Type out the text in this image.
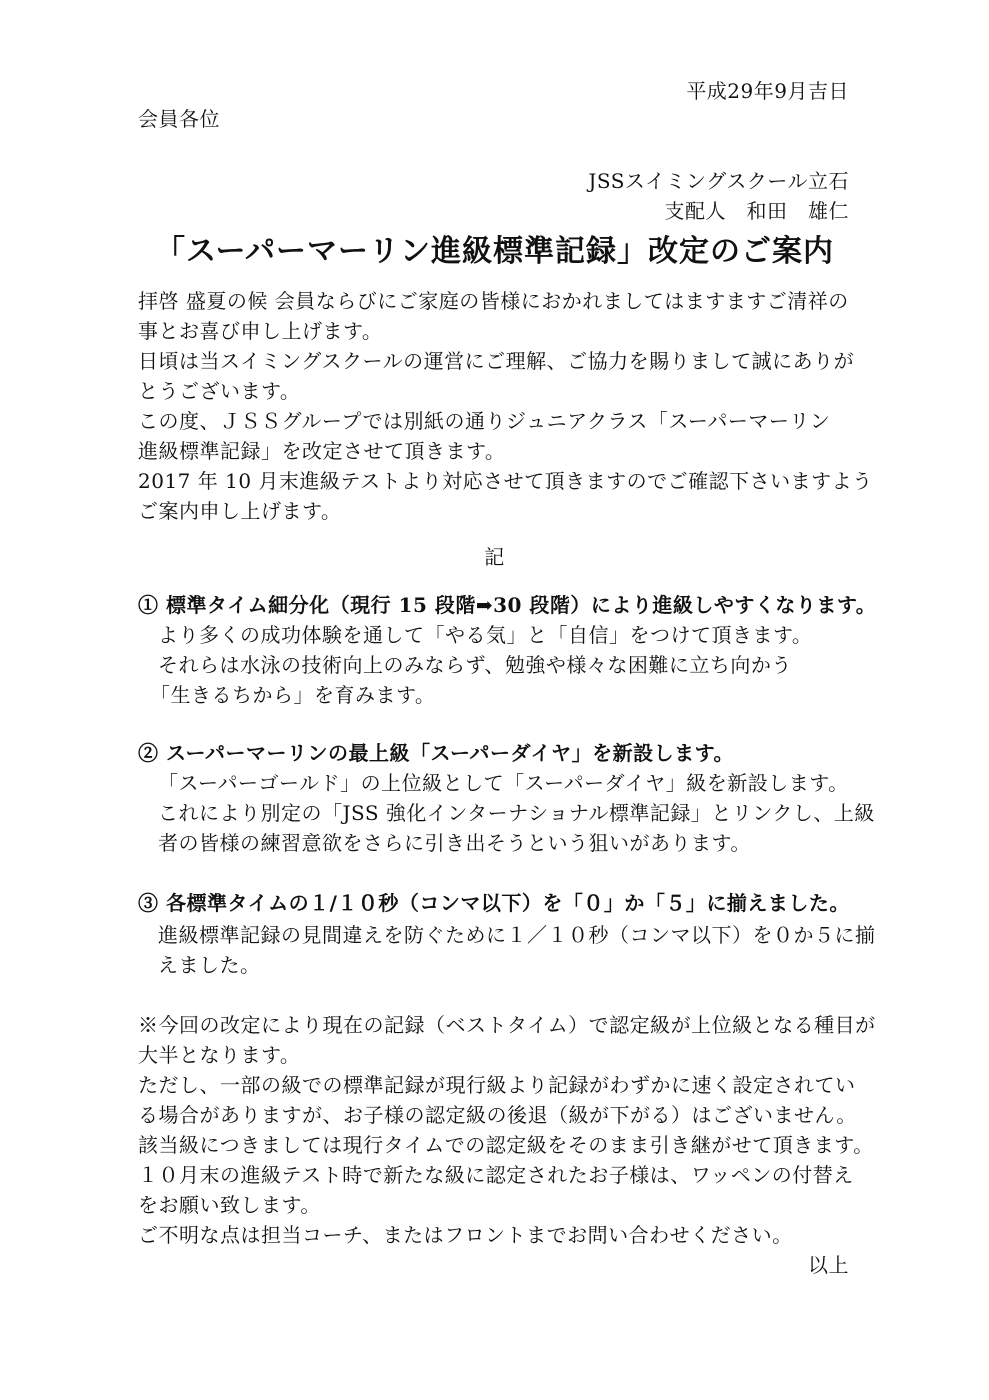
平成29年9月吉日
会員各位
JSSスイミングスクール立石
支配人　和田　雄仁
「スーパーマーリン進級標準記録」改定のご案内
拝啓 盛夏の候 会員ならびにご家庭の皆様におかれましてはますますご清祥の
事とお喜び申し上げます。
日頃は当スイミングスクールの運営にご理解、ご協力を賜りまして誠にありが
とうございます。
この度、ＪＳＳグループでは別紙の通りジュニアクラス「スーパーマーリン
進級標準記録」を改定させて頂きます。
2017 年 10 月末進級テストより対応させて頂きますのでご確認下さいますよう
ご案内申し上げます。
記
① 標準タイム細分化（現行 15 段階➡30 段階）により進級しやすくなります。
より多くの成功体験を通して「やる気」と「自信」をつけて頂きます。
それらは水泳の技術向上のみならず、勉強や様々な困難に立ち向かう
「生きるちから」を育みます。
② スーパーマーリンの最上級「スーパーダイヤ」を新設します。
「スーパーゴールド」の上位級として「スーパーダイヤ」級を新設します。
これにより別定の「JSS 強化インターナショナル標準記録」とリンクし、上級
者の皆様の練習意欲をさらに引き出そうという狙いがあります。
③ 各標準タイムの１/１０秒（コンマ以下）を「０」か「５」に揃えました。
進級標準記録の見間違えを防ぐために１／１０秒（コンマ以下）を０か５に揃
えました。
※今回の改定により現在の記録（ベストタイム）で認定級が上位級となる種目が
大半となります。
ただし、一部の級での標準記録が現行級より記録がわずかに速く設定されてい
る場合がありますが、お子様の認定級の後退（級が下がる）はございません。
該当級につきましては現行タイムでの認定級をそのまま引き継がせて頂きます。
１０月末の進級テスト時で新たな級に認定されたお子様は、ワッペンの付替え
をお願い致します。
ご不明な点は担当コーチ、またはフロントまでお問い合わせください。
以上
